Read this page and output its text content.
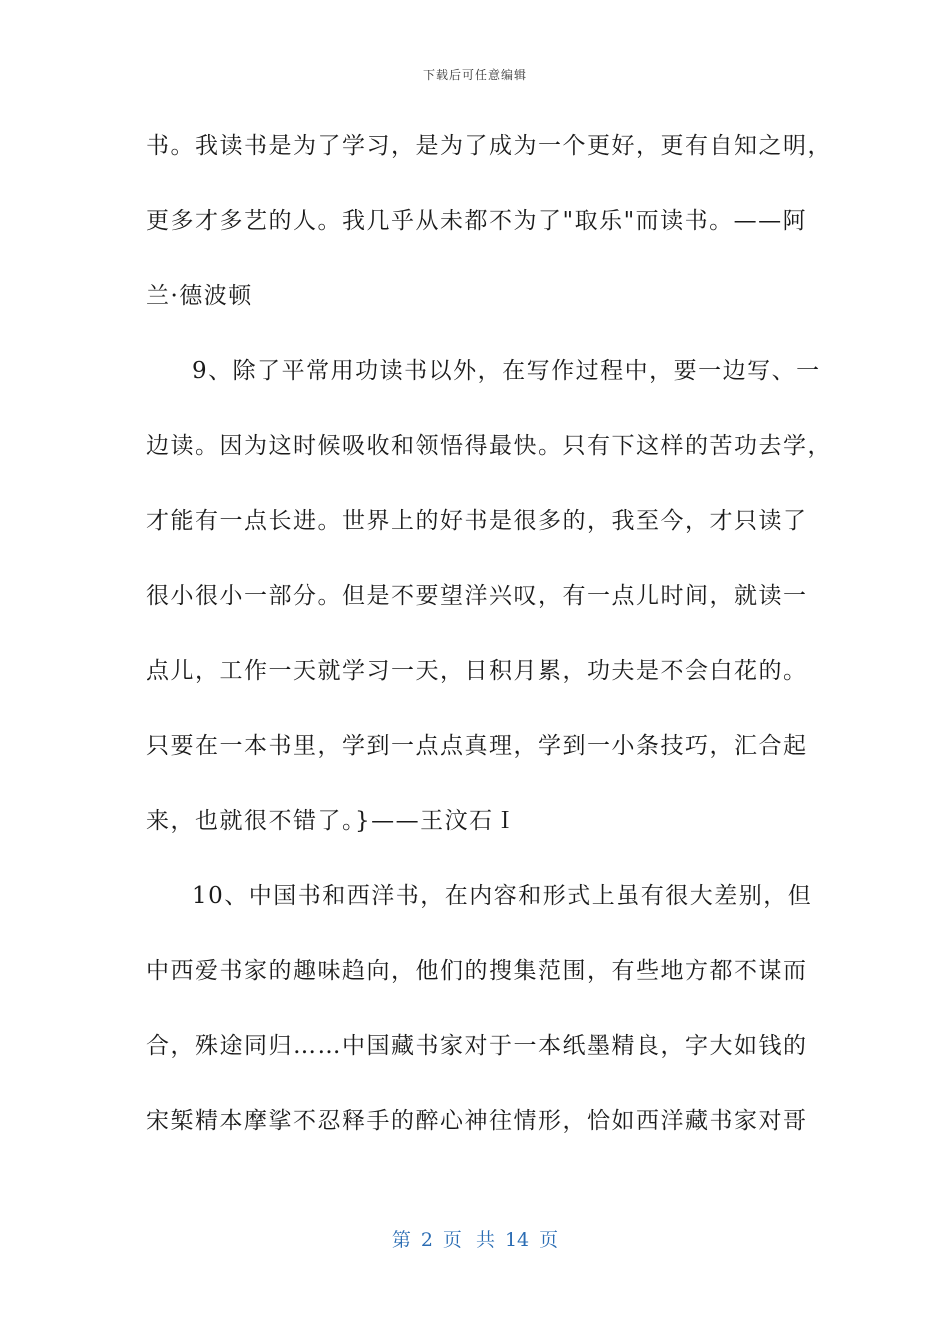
下载后可任意编辑
书。我读书是为了学习，是为了成为一个更好，更有自知之明，
更多才多艺的人。我几乎从未都不为了"取乐"而读书。——阿
兰·德波顿
9、除了平常用功读书以外，在写作过程中，要一边写、一
边读。因为这时候吸收和领悟得最快。只有下这样的苦功去学，
才能有一点长进。世界上的好书是很多的，我至今，才只读了
很小很小一部分。但是不要望洋兴叹，有一点儿时间，就读一
点儿，工作一天就学习一天，日积月累，功夫是不会白花的。
只要在一本书里，学到一点点真理，学到一小条技巧，汇合起
来，也就很不错了。}——王汶石Ｉ
10、中国书和西洋书，在内容和形式上虽有很大差别，但
中西爱书家的趣味趋向，他们的搜集范围，有些地方都不谋而
合，殊途同归……中国藏书家对于一本纸墨精良，字大如钱的
宋椠精本摩挲不忍释手的醉心神往情形，恰如西洋藏书家对哥
第 2 页 共 14 页
